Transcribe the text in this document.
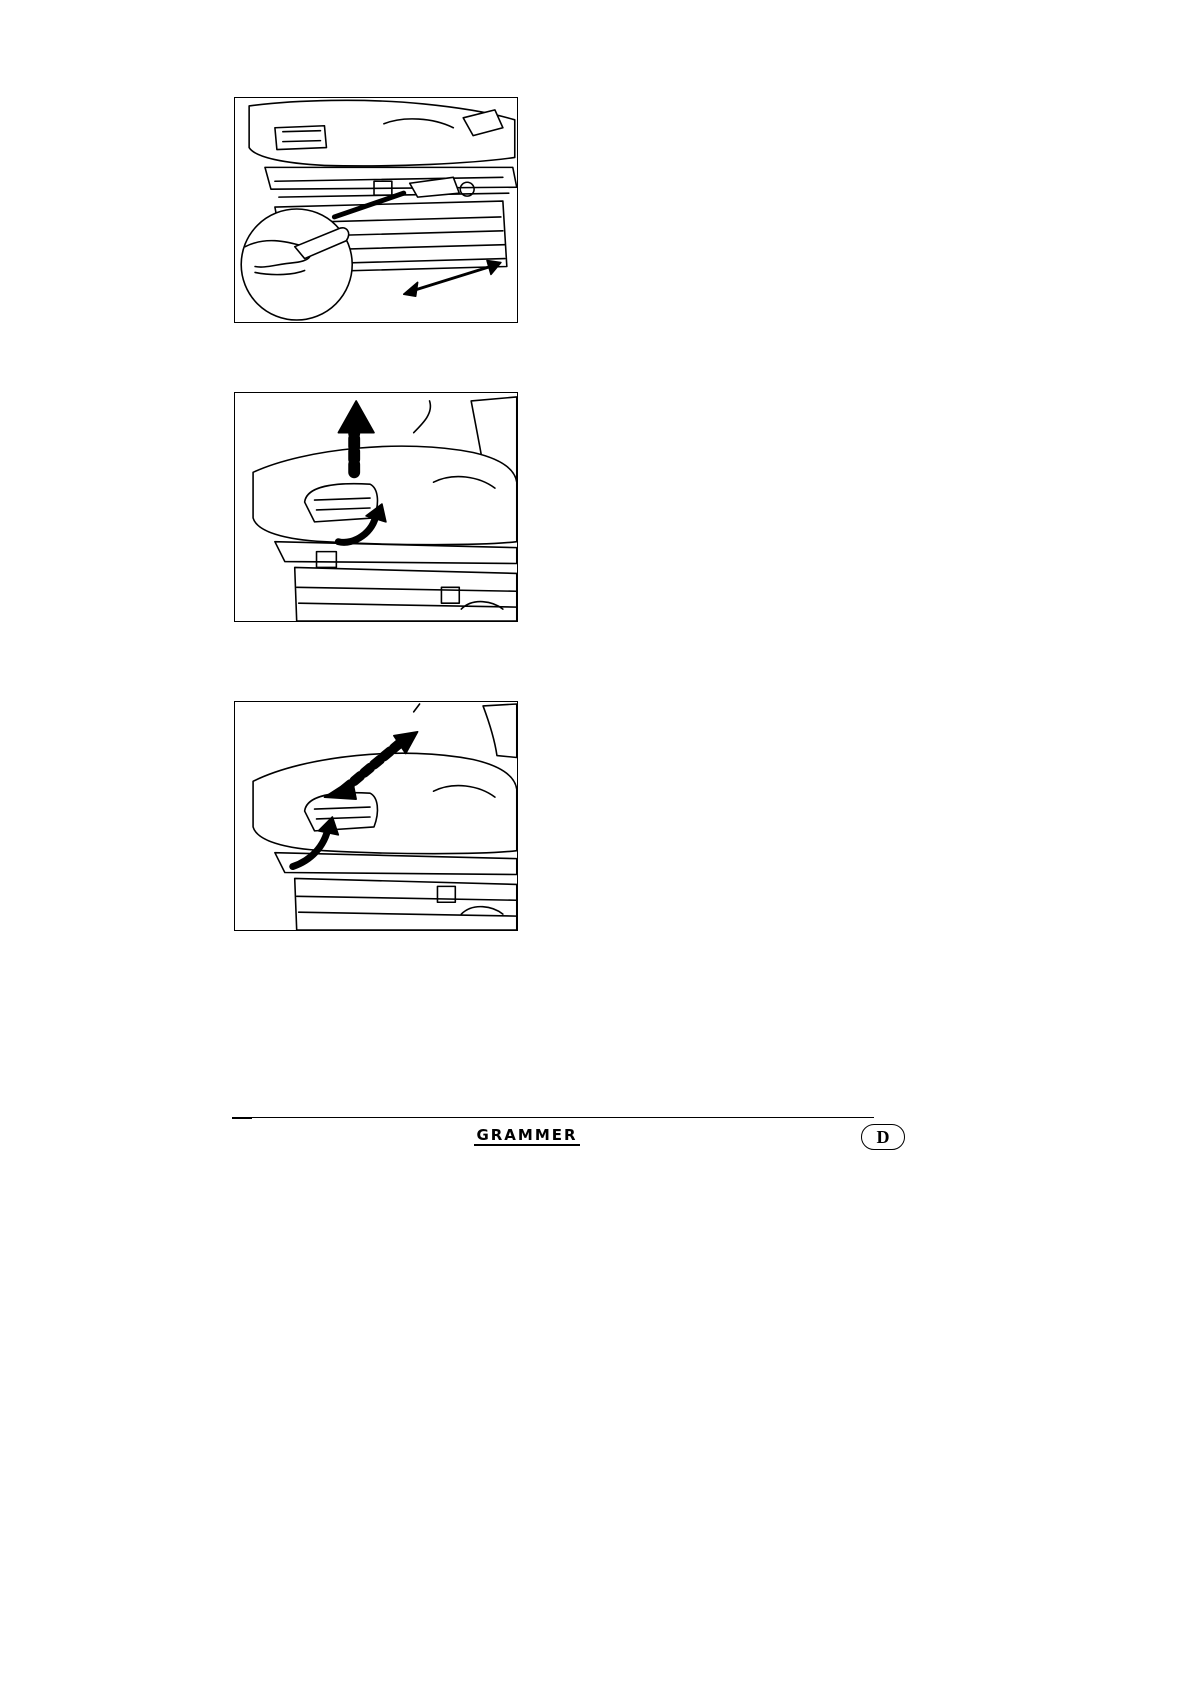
GRAMMER	D
